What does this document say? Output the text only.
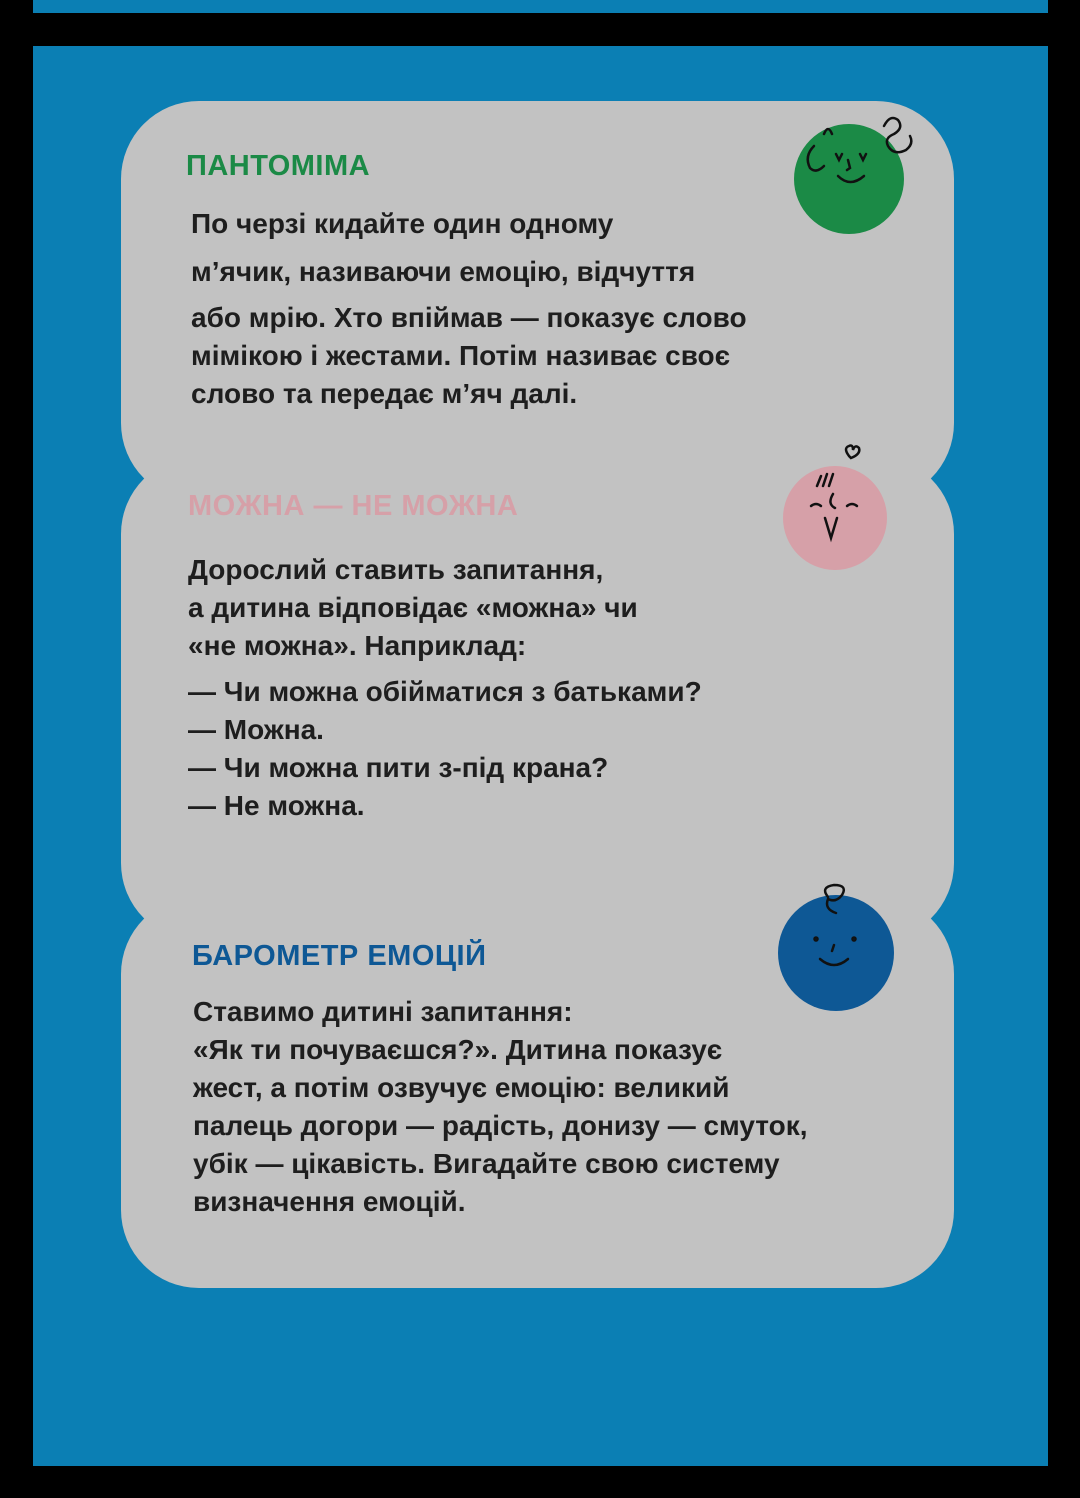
ПАНТОМІМА
По черзі кидайте один одному
м’ячик, називаючи емоцію, відчуття
або мрію. Хто впіймав — показує слово
мімікою і жестами. Потім називає своє
слово та передає м’яч далі.
МОЖНА — НЕ МОЖНА
Дорослий ставить запитання,
а дитина відповідає «можна» чи
«не можна». Наприклад:
— Чи можна обійматися з батьками?
— Можна.
— Чи можна пити з-під крана?
— Не можна.
БАРОМЕТР ЕМОЦІЙ
Ставимо дитині запитання:
«Як ти почуваєшся?». Дитина показує
жест, а потім озвучує емоцію: великий
палець догори — радість, донизу — смуток,
убік — цікавість. Вигадайте свою систему
визначення емоцій.
